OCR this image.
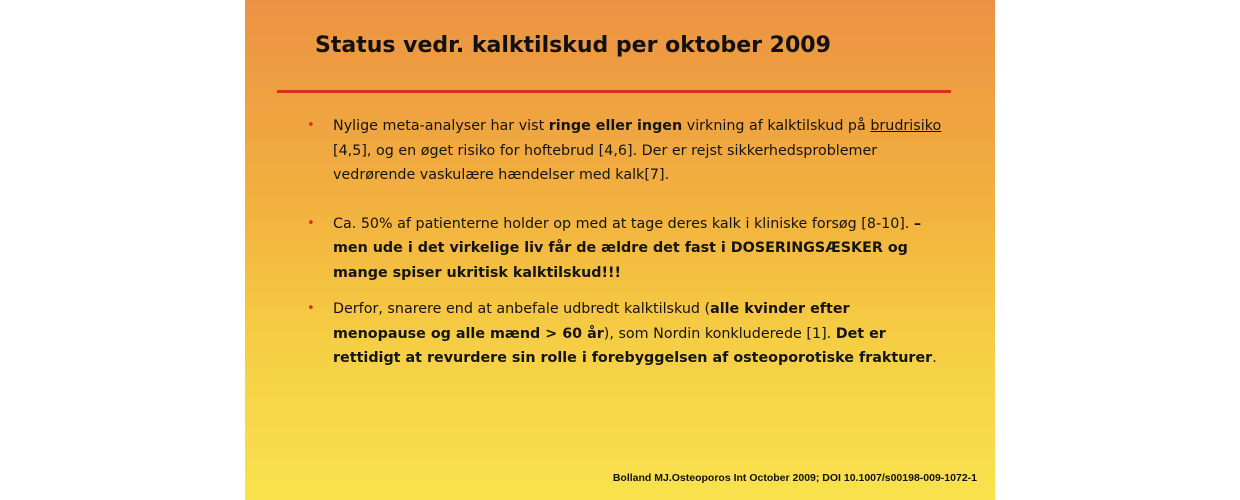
Status vedr. kalktilskud per oktober 2009
• Nylige meta-analyser har vist ringe eller ingen virkning af kalktilskud på brudrisiko [4,5], og en øget risiko for hoftebrud [4,6]. Der er rejst sikkerhedsproblemer vedrørende vaskulære hændelser med kalk[7].
• Ca. 50% af patienterne holder op med at tage deres kalk i kliniske forsøg [8-10]. – men ude i det virkelige liv får de ældre det fast i DOSERINGSÆSKER og mange spiser ukritisk kalktilskud!!!
• Derfor, snarere end at anbefale udbredt kalktilskud (alle kvinder efter menopause og alle mænd > 60 år), som Nordin konkluderede [1]. Det er rettidigt at revurdere sin rolle i forebyggelsen af osteoporotiske frakturer.
Bolland MJ.Osteoporos Int October 2009; DOI 10.1007/s00198-009-1072-1
